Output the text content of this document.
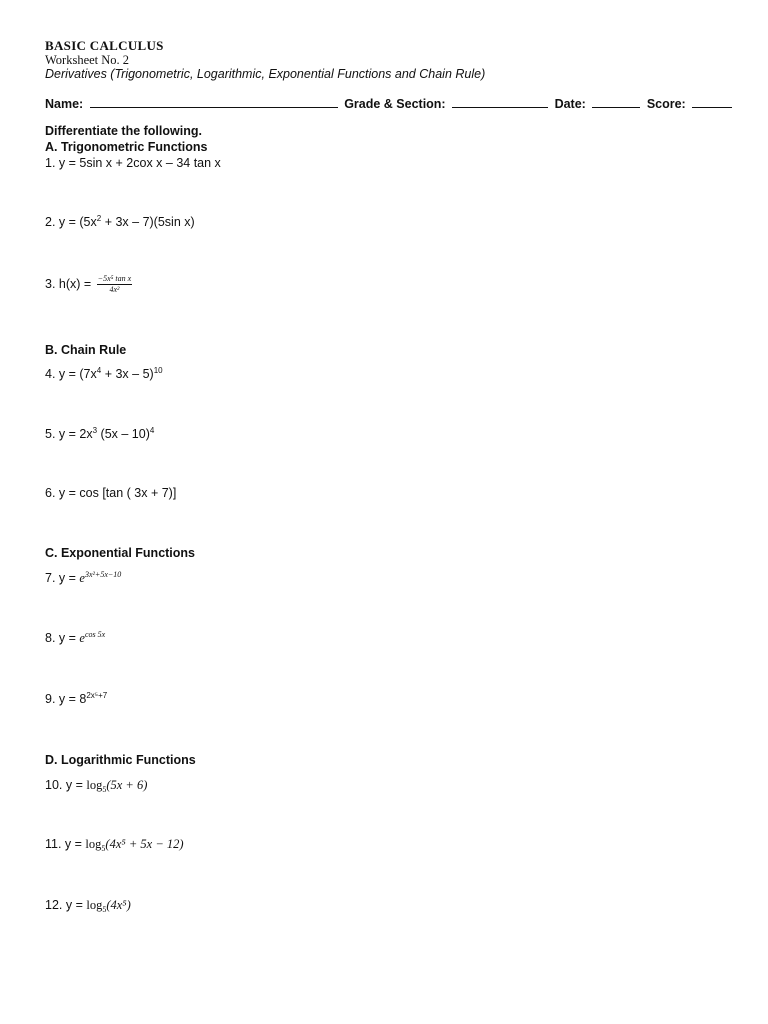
BASIC CALCULUS
Worksheet No. 2
Derivatives (Trigonometric, Logarithmic, Exponential Functions and Chain Rule)
Name:	Grade & Section:	Date:	Score:
Differentiate the following.
A. Trigonometric Functions
1. y = 5sin x + 2cox x – 34 tan x
2. $y = (5x^2 + 3x - 7)(5\sin$ x)
3. $h(x) = \frac{\text{−5x⁵ tan x}}{\text{4x²}}$
B. Chain Rule
4. $y = (7x^4 + 3x - 5)^{10}$
5. $y = 2x^3$ (5x – 10)$^4$
6. y = cos [tan ( 3x + 7)]
C. Exponential Functions
7. $y = e^{3x^2+5x-10}$
8. $y = e^{cos 5x}$
9. $y = 8^{2x^5+7}$
D. Logarithmic Functions
10. $y = \log_5(5x + 6)$
11. $y = \log_5(4x^5 + 5x - 12)$
12. $y = \log_5(4x^5)$
